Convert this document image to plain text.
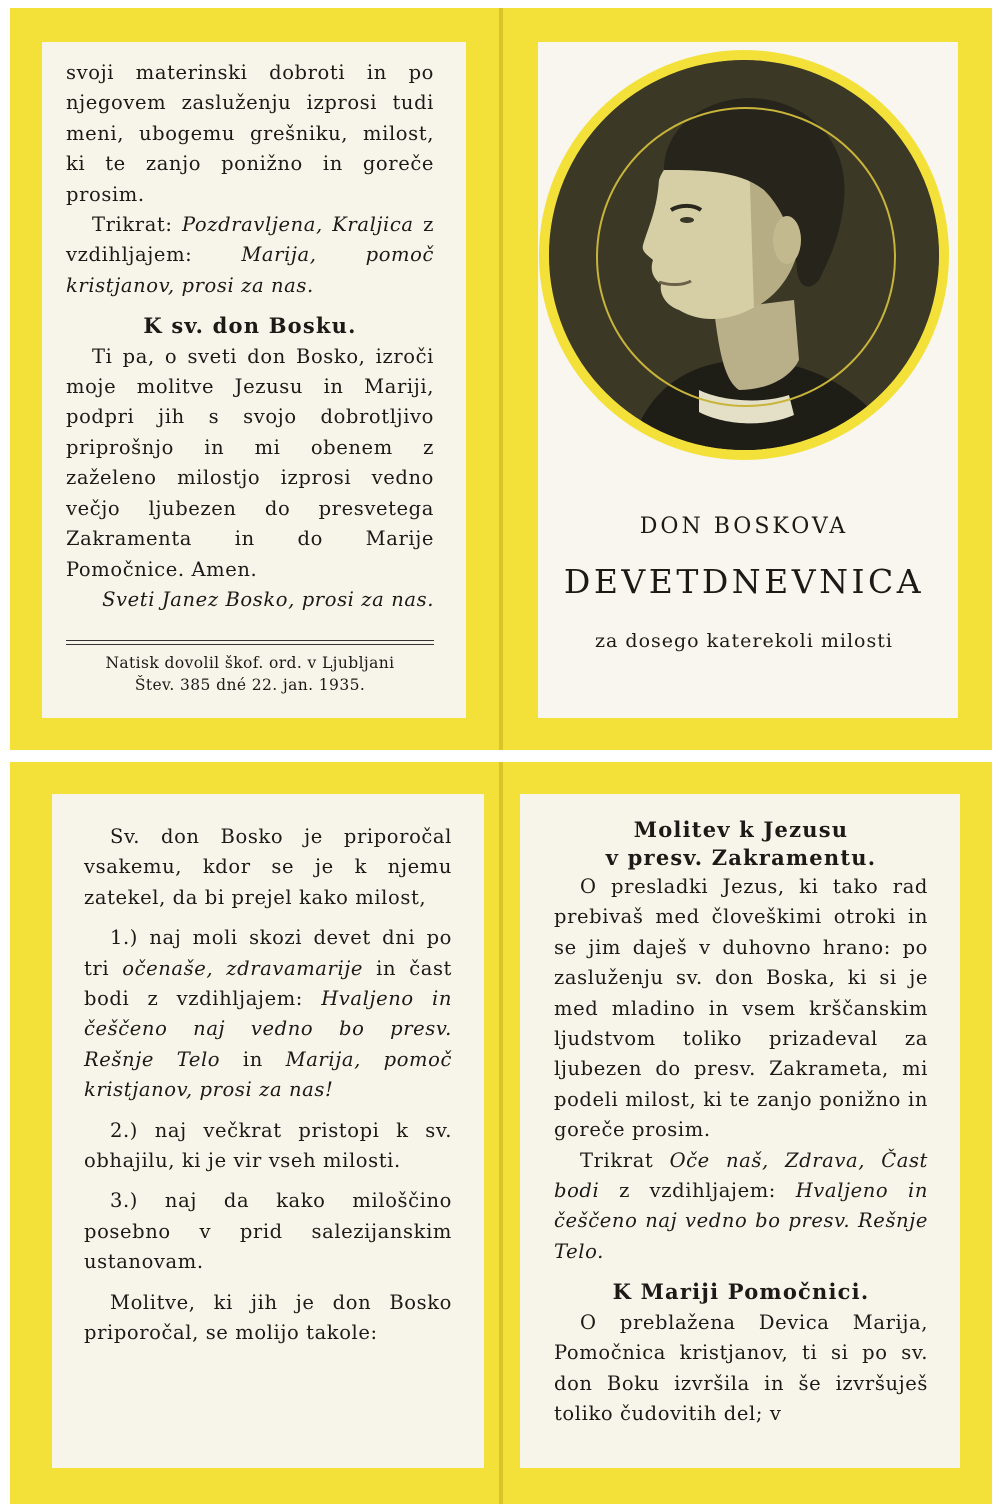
svoji materinski dobroti in po njegovem zasluženju izprosi tudi meni, ubogemu grešniku, milost, ki te zanjo ponižno in goreče prosim.

Trikrat: Pozdravljena, Kraljica z vzdihljajem: Marija, pomoč kristjanov, prosi za nas.

K sv. don Bosku.

Ti pa, o sveti don Bosko, izroči moje molitve Jezusu in Mariji, podpri jih s svojo dobrotljivo priprošnjo in mi obenem z zaželeno milostjo izprosi vedno večjo ljubezen do presvetega Zakramenta in do Marije Pomočnice. Amen.

Sveti Janez Bosko, prosi za nas.

Natisk dovolil škof. ord. v Ljubljani
Štev. 385 dné 22. jan. 1935.
DON BOSKOVA
DEVETDNEVNICA
za dosego katerekoli milosti

Sv. don Bosko je priporočal vsakemu, kdor se je k njemu zatekel, da bi prejel kako milost,

1.) naj moli skozi devet dni po tri očenaše, zdravamarije in čast bodi z vzdihljajem: Hvaljeno in češčeno naj vedno bo presv. Rešnje Telo in Marija, pomoč kristjanov, prosi za nas!

2.) naj večkrat pristopi k sv. obhajilu, ki je vir vseh milosti.

3.) naj da kako miloščino posebno v prid salezijanskim ustanovam.

Molitve, ki jih je don Bosko priporočal, se molijo takole:

Molitev k Jezusu

v presv. Zakramentu.

O presladki Jezus, ki tako rad prebivaš med človeškimi otroki in se jim daješ v duhovno hrano: po zasluženju sv. don Boska, ki si je med mladino in vsem krščanskim ljudstvom toliko prizadeval za ljubezen do presv. Zakrameta, mi podeli milost, ki te zanjo ponižno in goreče prosim.

Trikrat Oče naš, Zdrava, Čast bodi z vzdihljajem: Hvaljeno in češčeno naj vedno bo presv. Rešnje Telo.

K Mariji Pomočnici.

O preblažena Devica Marija, Pomočnica kristjanov, ti si po sv. don Boku izvršila in še izvršuješ toliko čudovitih del; v
